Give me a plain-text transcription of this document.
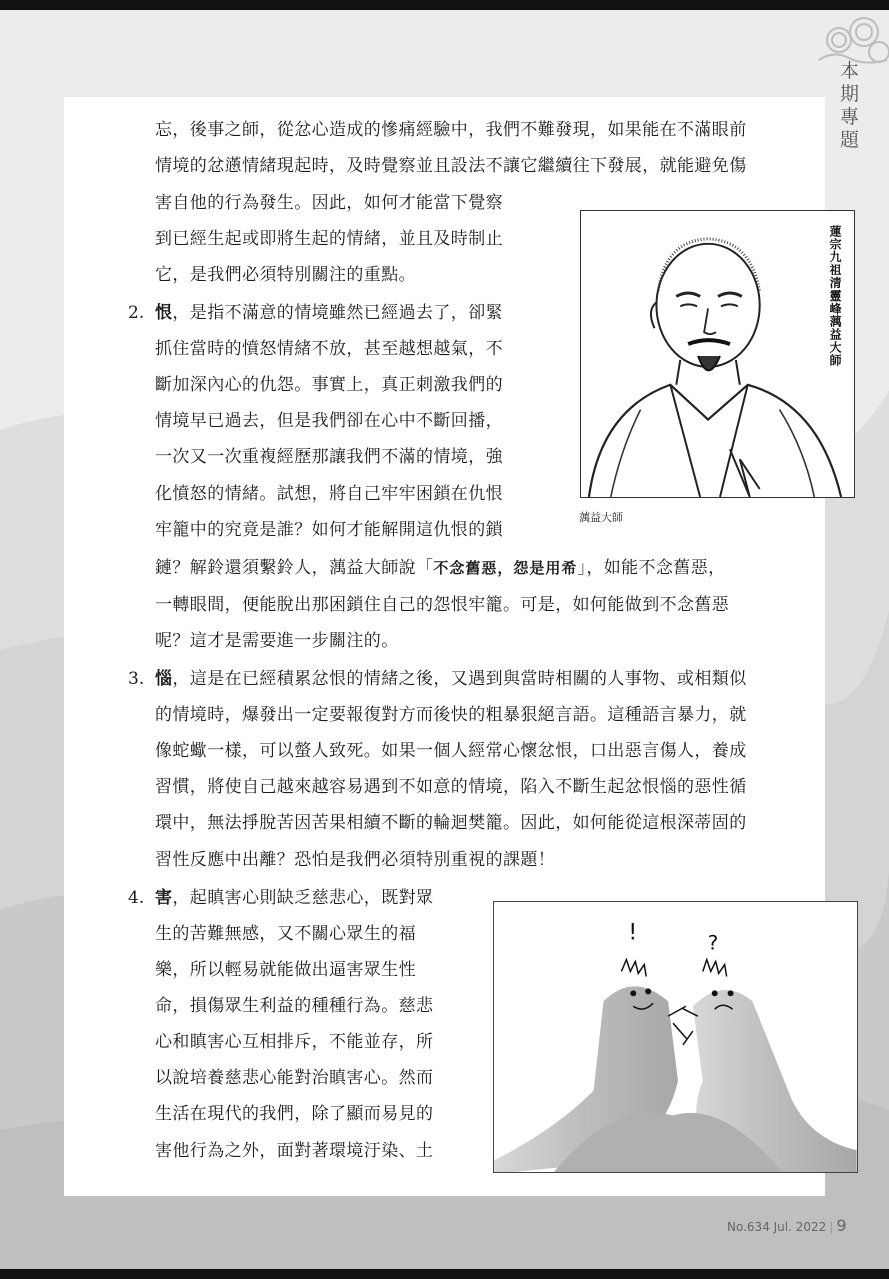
本
期
專
題
忘，後事之師，從忿心造成的慘痛經驗中，我們不難發現，如果能在不滿眼前
情境的忿懣情緒現起時，及時覺察並且設法不讓它繼續往下發展，就能避免傷
害自他的行為發生。因此，如何才能當下覺察
到已經生起或即將生起的情緒，並且及時制止
它，是我們必須特別關注的重點。
2. 恨，是指不滿意的情境雖然已經過去了，卻緊
抓住當時的憤怒情緒不放，甚至越想越氣，不
斷加深內心的仇怨。事實上，真正刺激我們的
情境早已過去，但是我們卻在心中不斷回播，
一次又一次重複經歷那讓我們不滿的情境，強
化憤怒的情緒。試想，將自己牢牢困鎖在仇恨
牢籠中的究竟是誰？如何才能解開這仇恨的鎖
鏈？解鈴還須繫鈴人，蕅益大師說「不念舊惡，怨是用希」，如能不念舊惡，
一轉眼間，便能脫出那困鎖住自己的怨恨牢籠。可是，如何能做到不念舊惡
呢？這才是需要進一步關注的。
3. 惱，這是在已經積累忿恨的情緒之後，又遇到與當時相關的人事物、或相類似
的情境時，爆發出一定要報復對方而後快的粗暴狠絕言語。這種語言暴力，就
像蛇蠍一樣，可以螫人致死。如果一個人經常心懷忿恨，口出惡言傷人，養成
習慣，將使自己越來越容易遇到不如意的情境，陷入不斷生起忿恨惱的惡性循
環中，無法掙脫苦因苦果相續不斷的輪迴樊籠。因此，如何能從這根深蒂固的
習性反應中出離？恐怕是我們必須特別重視的課題！
4. 害，起瞋害心則缺乏慈悲心，既對眾
生的苦難無感，又不關心眾生的福
樂，所以輕易就能做出逼害眾生性
命，損傷眾生利益的種種行為。慈悲
心和瞋害心互相排斥，不能並存，所
以說培養慈悲心能對治瞋害心。然而
生活在現代的我們，除了顯而易見的
害他行為之外，面對著環境汙染、土
蓮宗九祖清靈峰蕅益大師
蕅益大師
!	?
No.634 Jul. 2022 | 9
